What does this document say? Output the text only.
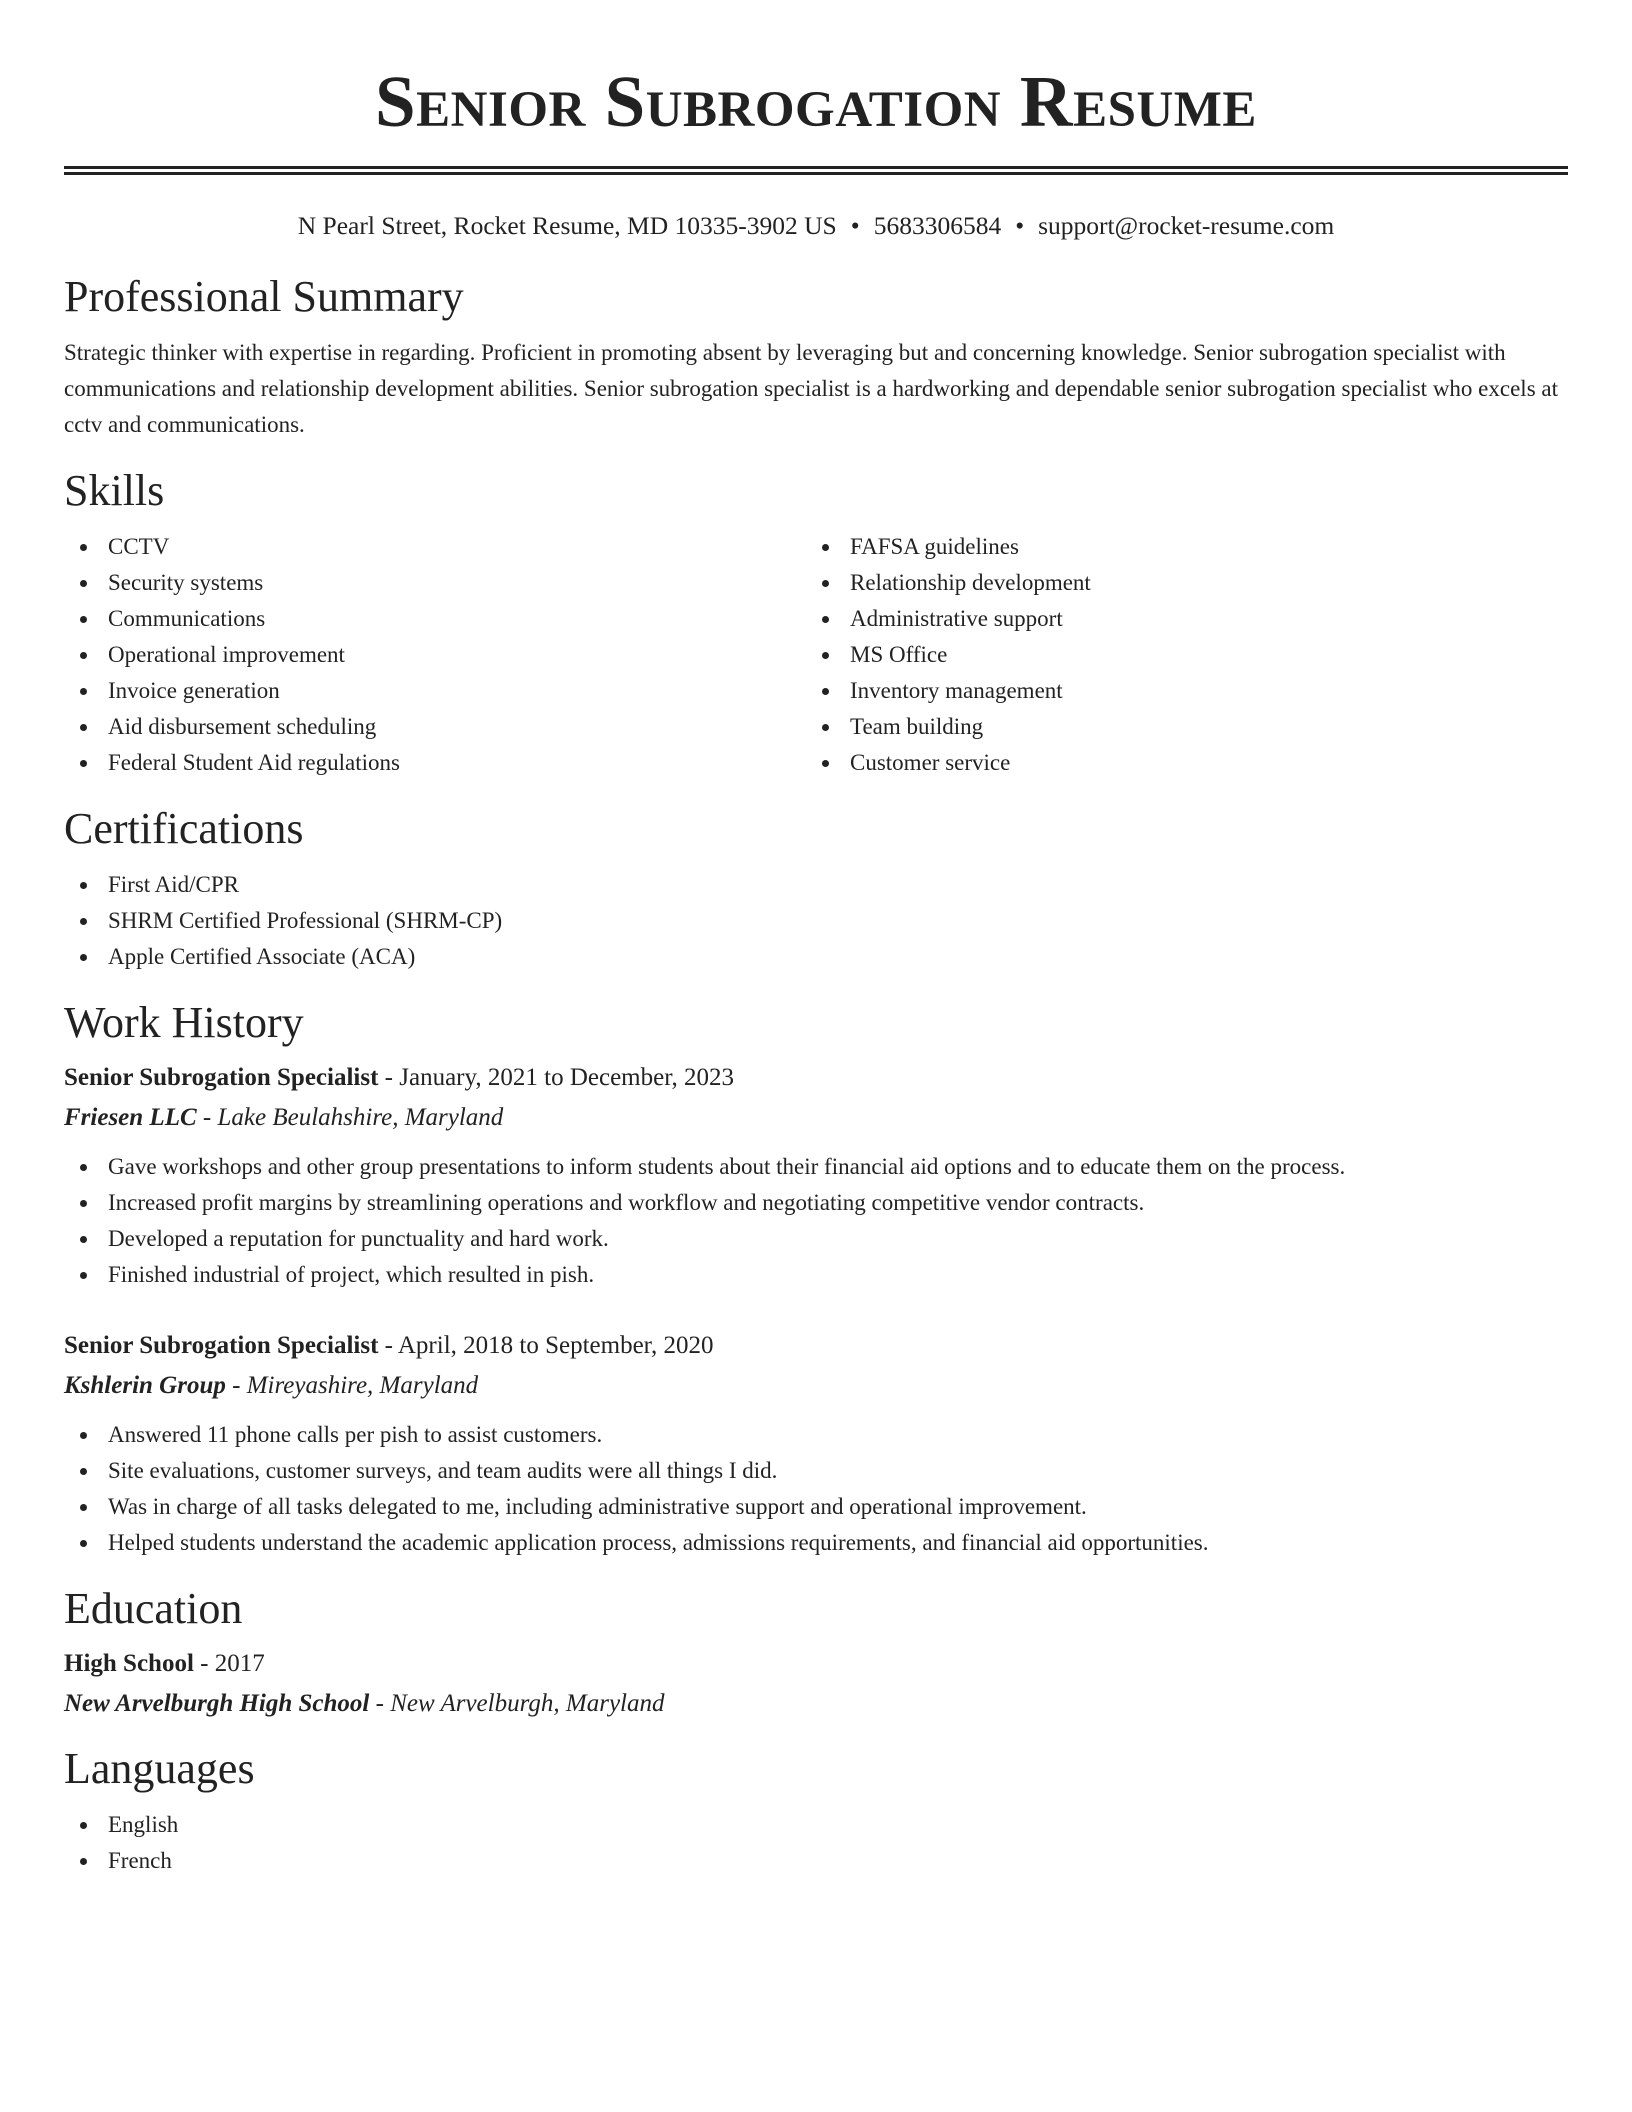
Senior Subrogation Resume
N Pearl Street, Rocket Resume, MD 10335-3902 US • 5683306584 • support@rocket-resume.com
Professional Summary

Strategic thinker with expertise in regarding. Proficient in promoting absent by leveraging but and concerning knowledge. Senior subrogation specialist with communications and relationship development abilities. Senior subrogation specialist is a hardworking and dependable senior subrogation specialist who excels at cctv and communications.

Skills
CCTV
Security systems
Communications
Operational improvement
Invoice generation
Aid disbursement scheduling
Federal Student Aid regulations
FAFSA guidelines
Relationship development
Administrative support
MS Office
Inventory management
Team building
Customer service
Certifications
First Aid/CPR
SHRM Certified Professional (SHRM-CP)
Apple Certified Associate (ACA)
Work History
Senior Subrogation Specialist - January, 2021 to December, 2023
Friesen LLC - Lake Beulahshire, Maryland
Gave workshops and other group presentations to inform students about their financial aid options and to educate them on the process.
Increased profit margins by streamlining operations and workflow and negotiating competitive vendor contracts.
Developed a reputation for punctuality and hard work.
Finished industrial of project, which resulted in pish.
Senior Subrogation Specialist - April, 2018 to September, 2020
Kshlerin Group - Mireyashire, Maryland
Answered 11 phone calls per pish to assist customers.
Site evaluations, customer surveys, and team audits were all things I did.
Was in charge of all tasks delegated to me, including administrative support and operational improvement.
Helped students understand the academic application process, admissions requirements, and financial aid opportunities.
Education
High School - 2017
New Arvelburgh High School - New Arvelburgh, Maryland
Languages
English
French
